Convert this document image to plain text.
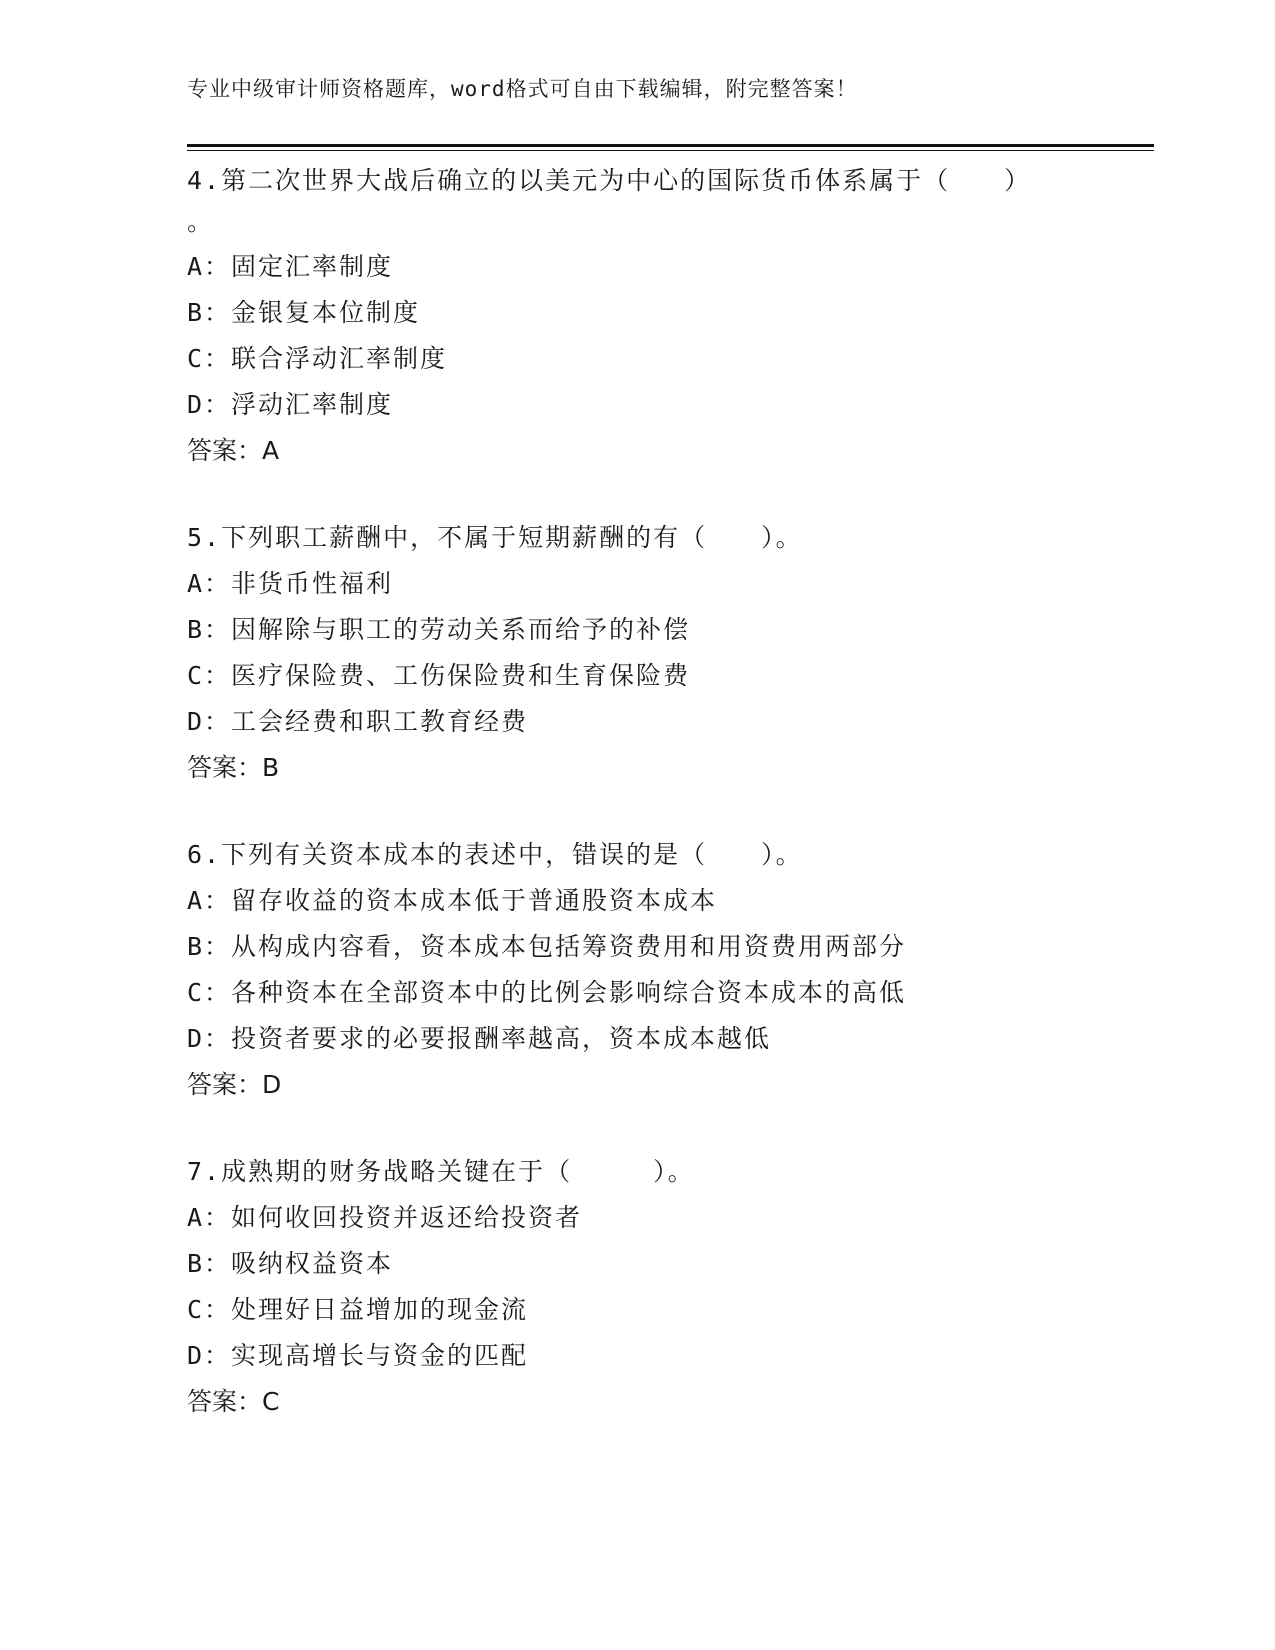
专业中级审计师资格题库，word格式可自由下载编辑，附完整答案！
4.第二次世界大战后确立的以美元为中心的国际货币体系属于（　　）
。
A：固定汇率制度
B：金银复本位制度
C：联合浮动汇率制度
D：浮动汇率制度
答案：A
5.下列职工薪酬中，不属于短期薪酬的有（　　）。
A：非货币性福利
B：因解除与职工的劳动关系而给予的补偿
C：医疗保险费、工伤保险费和生育保险费
D：工会经费和职工教育经费
答案：B
6.下列有关资本成本的表述中，错误的是（　　）。
A：留存收益的资本成本低于普通股资本成本
B：从构成内容看，资本成本包括筹资费用和用资费用两部分
C：各种资本在全部资本中的比例会影响综合资本成本的高低
D：投资者要求的必要报酬率越高，资本成本越低
答案：D
7.成熟期的财务战略关键在于（　　　）。
A：如何收回投资并返还给投资者
B：吸纳权益资本
C：处理好日益增加的现金流
D：实现高增长与资金的匹配
答案：C
